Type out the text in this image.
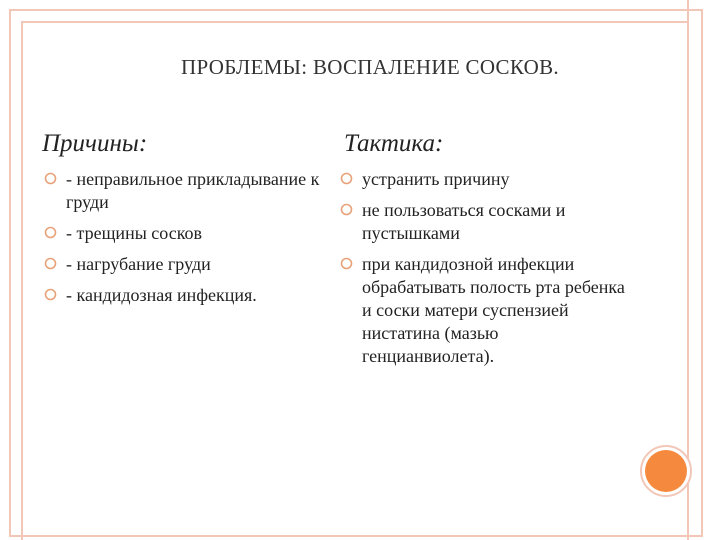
ПРОБЛЕМЫ: ВОСПАЛЕНИЕ СОСКОВ.
Причины:	Тактика:
- неправильное прикладывание к груди
- трещины сосков
- нагрубание груди
- кандидозная инфекция.
устранить причину
не пользоваться сосками и пустышками
при кандидозной инфекции обрабатывать полость рта ребенка и соски матери суспензией нистатина (мазью генцианвиолета).
